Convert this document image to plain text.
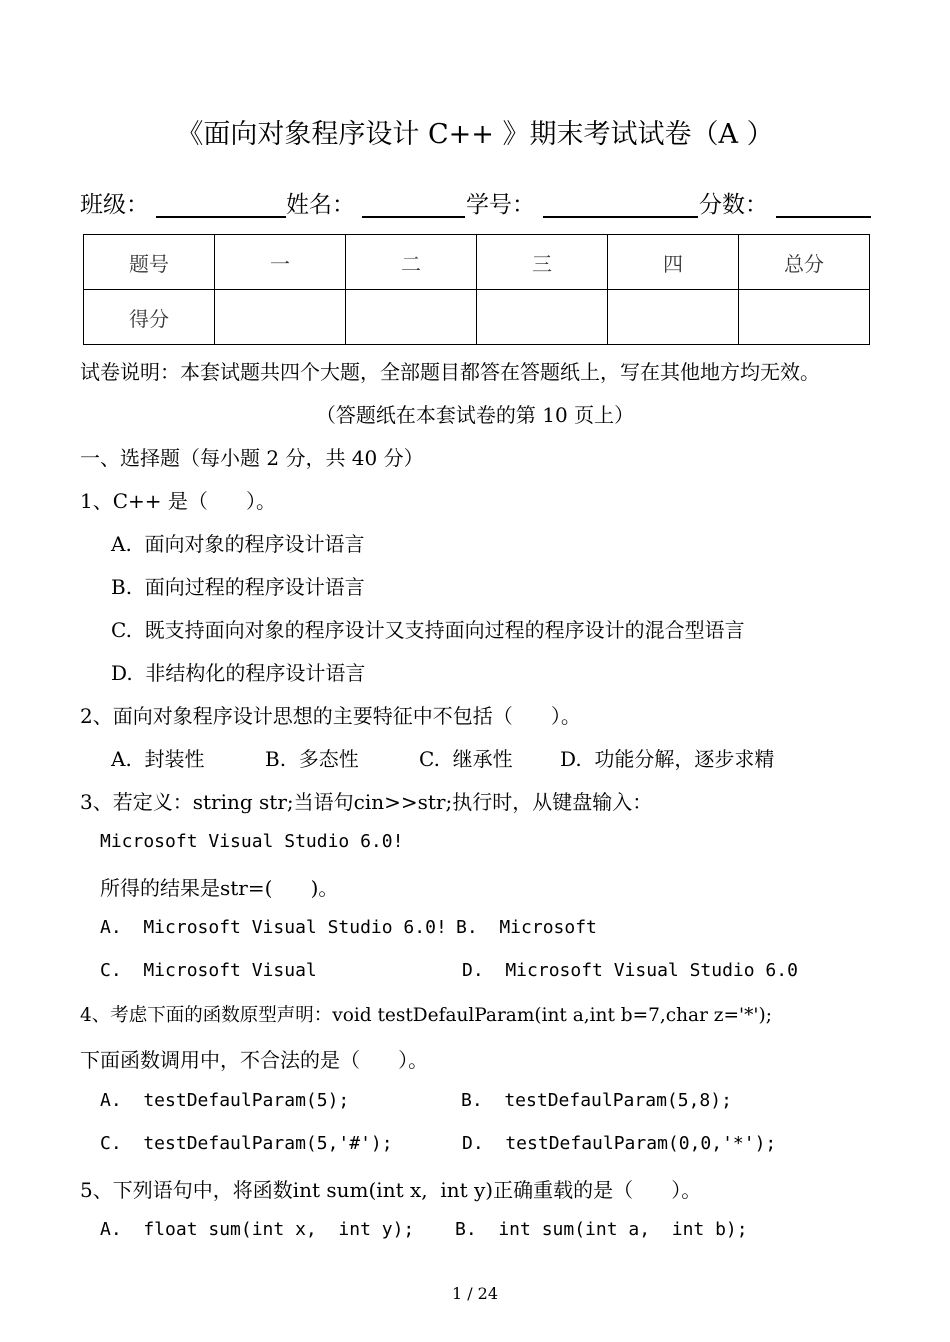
《面向对象程序设计 C++ 》期末考试试卷（A ）
班级：	姓名：	学号：	分数：
题号	一	二	三	四	总分
得分					
试卷说明：本套试题共四个大题，全部题目都答在答题纸上，写在其他地方均无效。
（答题纸在本套试卷的第 10 页上）
一、选择题（每小题 2 分，共 40 分）
1、C++ 是（      ）。
A.  面向对象的程序设计语言
B.  面向过程的程序设计语言
C.  既支持面向对象的程序设计又支持面向过程的程序设计的混合型语言
D.  非结构化的程序设计语言
2、面向对象程序设计思想的主要特征中不包括（      ）。
A.  封装性	B.  多态性	C.  继承性 D.  功能分解，逐步求精
3、若定义：string str;当语句cin>>str;执行时，从键盘输入：
Microsoft Visual Studio 6.0!
所得的结果是str=(      )。
A.  Microsoft Visual Studio 6.0! B.  Microsoft
C.  Microsoft Visual	D.  Microsoft Visual Studio 6.0
4、考虑下面的函数原型声明：void testDefaulParam(int a,int b=7,char z='*');
下面函数调用中，不合法的是（      ）。
A.  testDefaulParam(5);	B.  testDefaulParam(5,8);
C.  testDefaulParam(5,'#');	D.  testDefaulParam(0,0,'*');
5、下列语句中，将函数int sum(int x,  int y)正确重载的是（      ）。
A.  float sum(int x,  int y); B.  int sum(int a,  int b);
1 / 24
